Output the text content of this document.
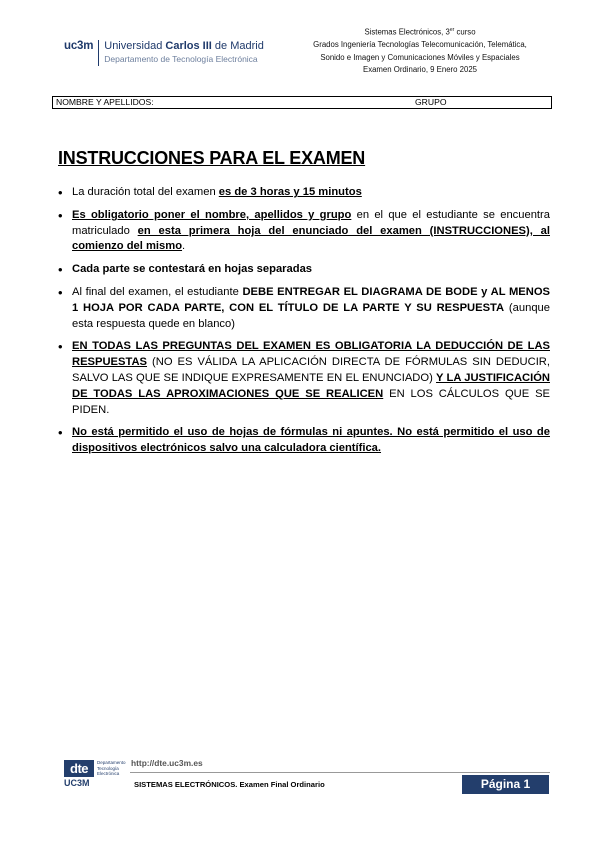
uc3m	Universidad Carlos III de Madrid
Departamento de Tecnología Electrónica
Sistemas Electrónicos, 3er curso
Grados Ingeniería Tecnologías Telecomunicación, Telemática,
Sonido e Imagen y Comunicaciones Móviles y Espaciales
Examen Ordinario, 9 Enero 2025
NOMBRE Y APELLIDOS:	GRUPO
INSTRUCCIONES PARA EL EXAMEN
• La duración total del examen es de 3 horas y 15 minutos
• Es obligatorio poner el nombre, apellidos y grupo en el que el estudiante se encuentra matriculado en esta primera hoja del enunciado del examen (INSTRUCCIONES), al comienzo del mismo.
• Cada parte se contestará en hojas separadas
• Al final del examen, el estudiante DEBE ENTREGAR EL DIAGRAMA DE BODE y AL MENOS 1 HOJA POR CADA PARTE, CON EL TÍTULO DE LA PARTE Y SU RESPUESTA (aunque esta respuesta quede en blanco)
• EN TODAS LAS PREGUNTAS DEL EXAMEN ES OBLIGATORIA LA DEDUCCIÓN DE LAS RESPUESTAS (NO ES VÁLIDA LA APLICACIÓN DIRECTA DE FÓRMULAS SIN DEDUCIR, SALVO LAS QUE SE INDIQUE EXPRESAMENTE EN EL ENUNCIADO) Y LA JUSTIFICACIÓN DE TODAS LAS APROXIMACIONES QUE SE REALICEN EN LOS CÁLCULOS QUE SE PIDEN.
• No está permitido el uso de hojas de fórmulas ni apuntes. No está permitido el uso de dispositivos electrónicos salvo una calculadora científica.
dte
UC3M
Departamento Tecnología Electrónica
http://dte.uc3m.es
SISTEMAS ELECTRÓNICOS. Examen Final Ordinario	Página 1
